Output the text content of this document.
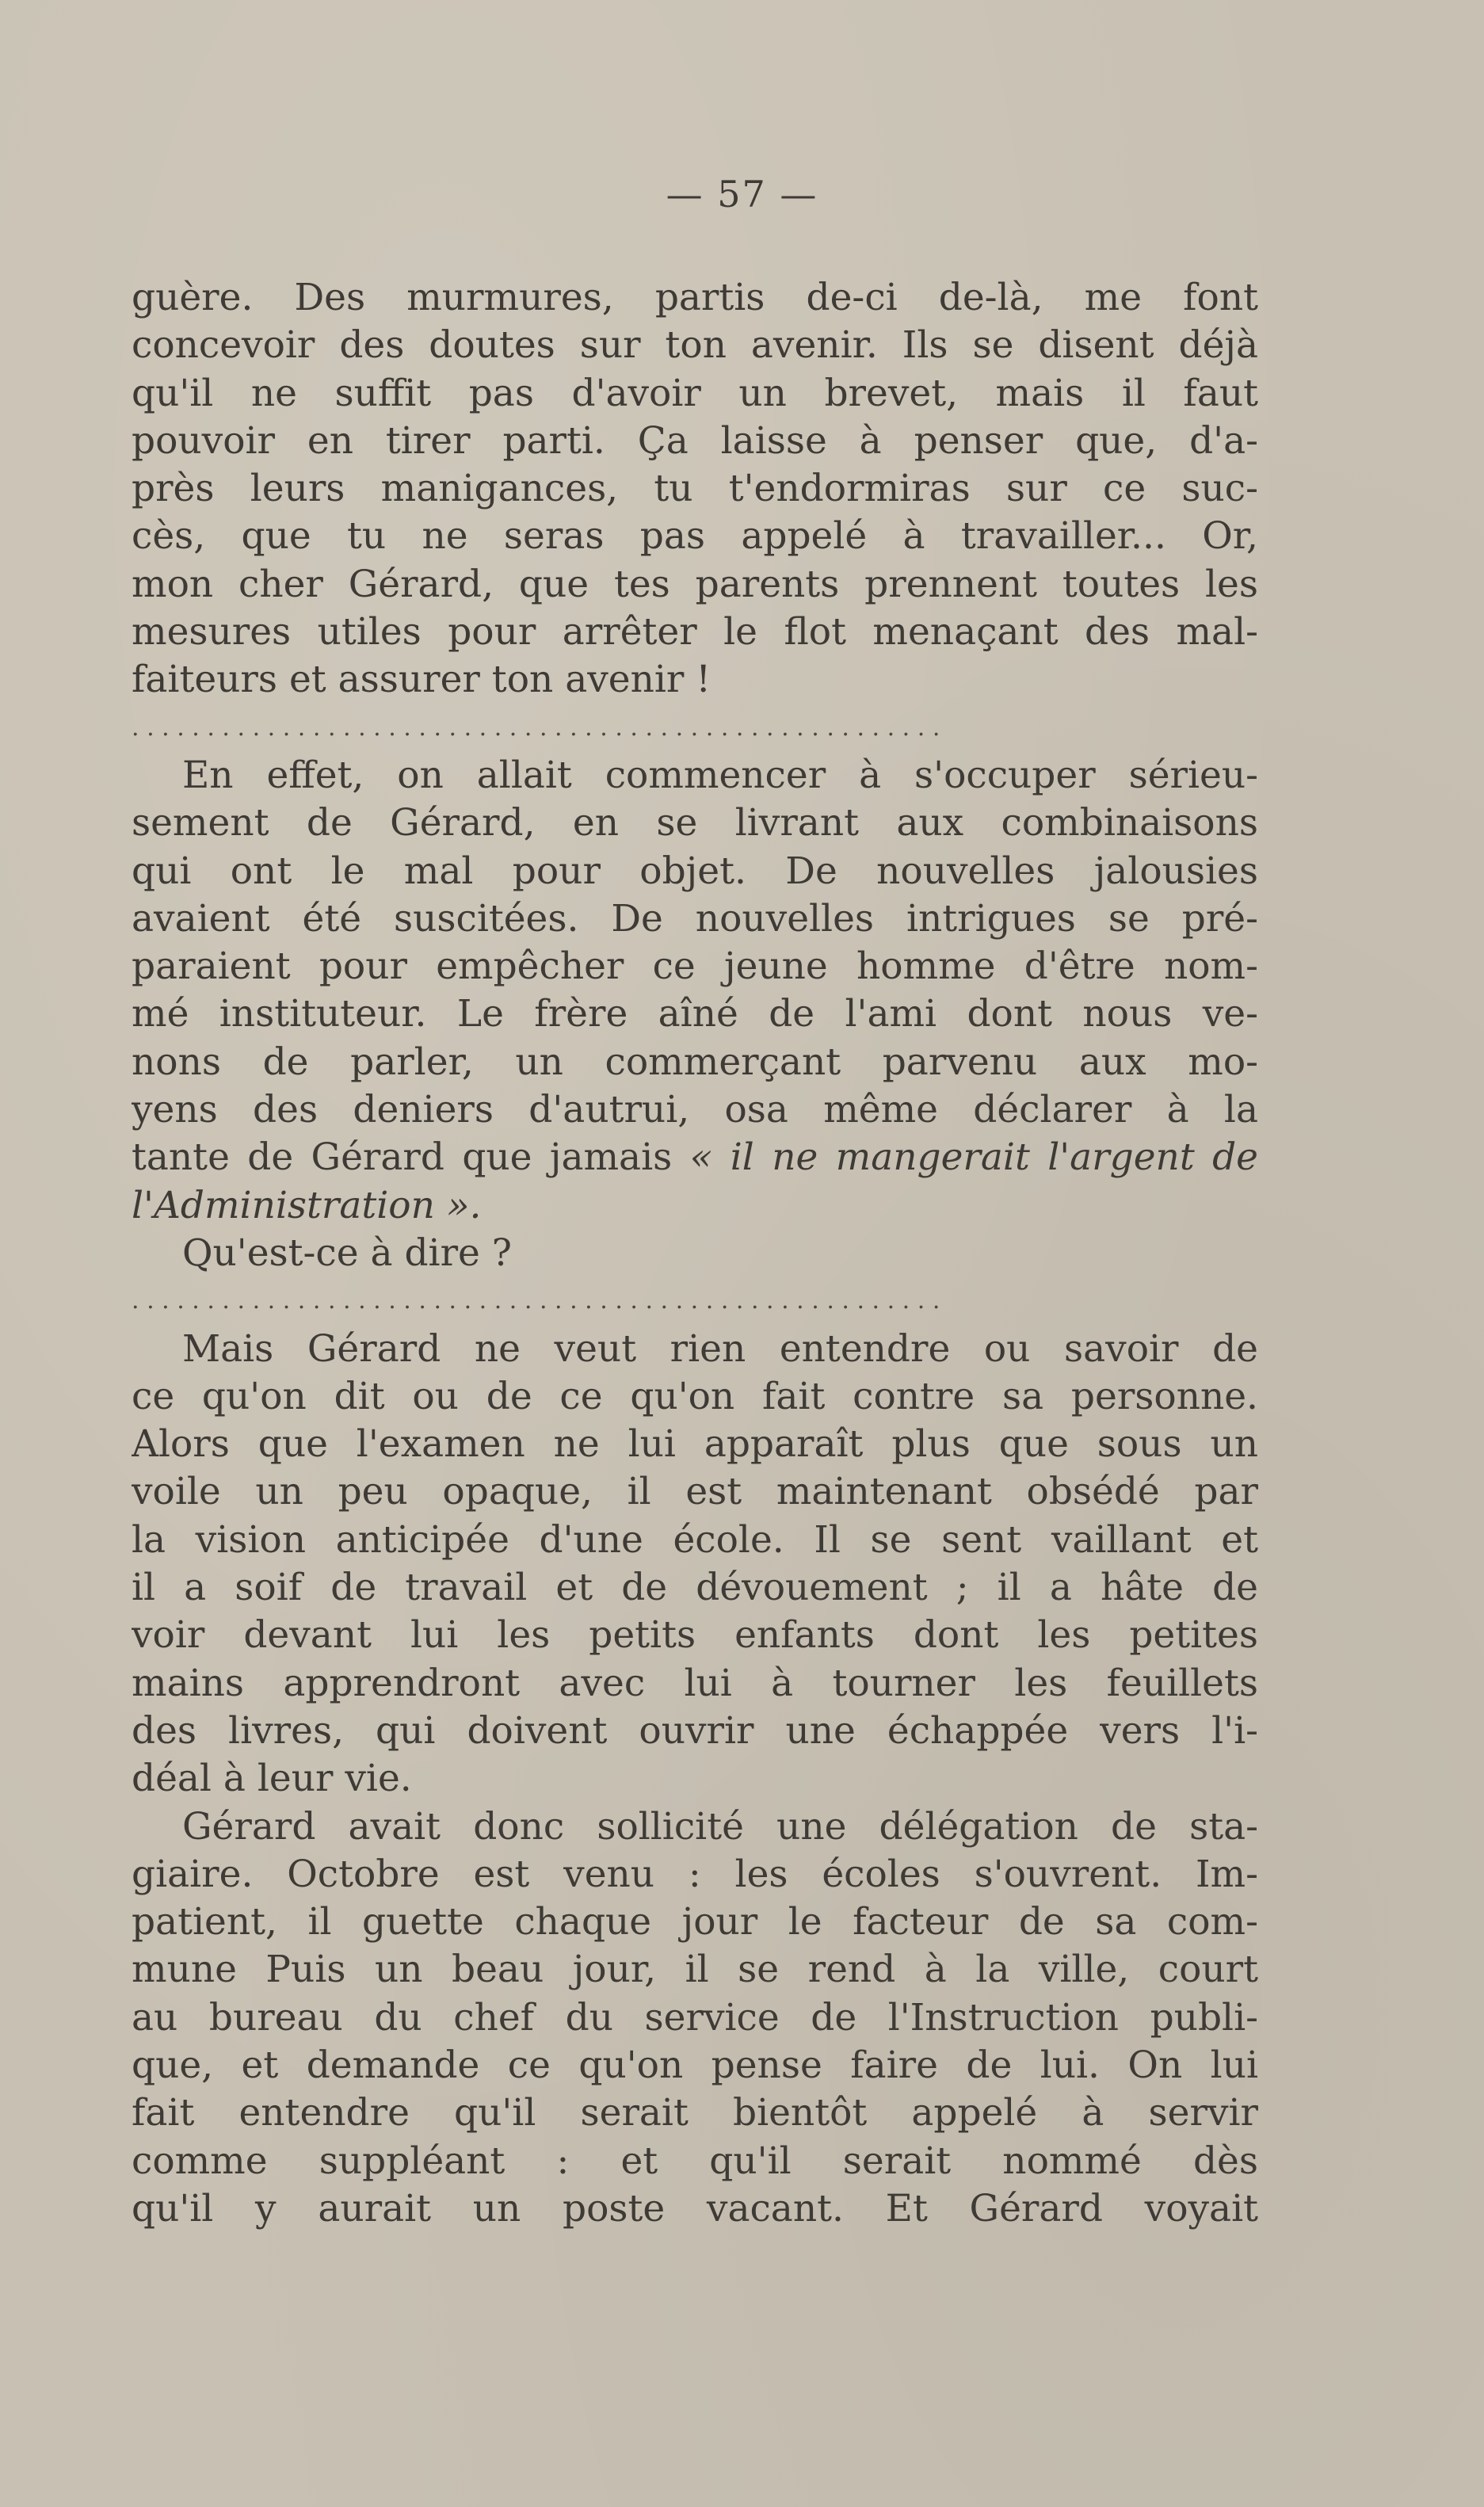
— 57 —
guère. Des murmures, partis de-ci de-là, me font
concevoir des doutes sur ton avenir. Ils se disent déjà
qu'il ne suffit pas d'avoir un brevet, mais il faut
pouvoir en tirer parti. Ça laisse à penser que, d'a-
près leurs manigances, tu t'endormiras sur ce suc-
cès, que tu ne seras pas appelé à travailler... Or,
mon cher Gérard, que tes parents prennent toutes les
mesures utiles pour arrêter le flot menaçant des mal-
faiteurs et assurer ton avenir !
. . . . . . . . . . . . . . . . . . . . . . . . . . . . . . . . . . . . . . . . . . . . . . . . . . . . . .
En effet, on allait commencer à s'occuper sérieu-
sement de Gérard, en se livrant aux combinaisons
qui ont le mal pour objet. De nouvelles jalousies
avaient été suscitées. De nouvelles intrigues se pré-
paraient pour empêcher ce jeune homme d'être nom-
mé instituteur. Le frère aîné de l'ami dont nous ve-
nons de parler, un commerçant parvenu aux mo-
yens des deniers d'autrui, osa même déclarer à la
tante de Gérard que jamais « il ne mangerait l'argent de
l'Administration ».
Qu'est-ce à dire ?
. . . . . . . . . . . . . . . . . . . . . . . . . . . . . . . . . . . . . . . . . . . . . . . . . . . . . .
Mais Gérard ne veut rien entendre ou savoir de
ce qu'on dit ou de ce qu'on fait contre sa personne.
Alors que l'examen ne lui apparaît plus que sous un
voile un peu opaque, il est maintenant obsédé par
la vision anticipée d'une école. Il se sent vaillant et
il a soif de travail et de dévouement ; il a hâte de
voir devant lui les petits enfants dont les petites
mains apprendront avec lui à tourner les feuillets
des livres, qui doivent ouvrir une échappée vers l'i-
déal à leur vie.
Gérard avait donc sollicité une délégation de sta-
giaire. Octobre est venu : les écoles s'ouvrent. Im-
patient, il guette chaque jour le facteur de sa com-
mune Puis un beau jour, il se rend à la ville, court
au bureau du chef du service de l'Instruction publi-
que, et demande ce qu'on pense faire de lui. On lui
fait entendre qu'il serait bientôt appelé à servir
comme suppléant : et qu'il serait nommé dès
qu'il y aurait un poste vacant. Et Gérard voyait
